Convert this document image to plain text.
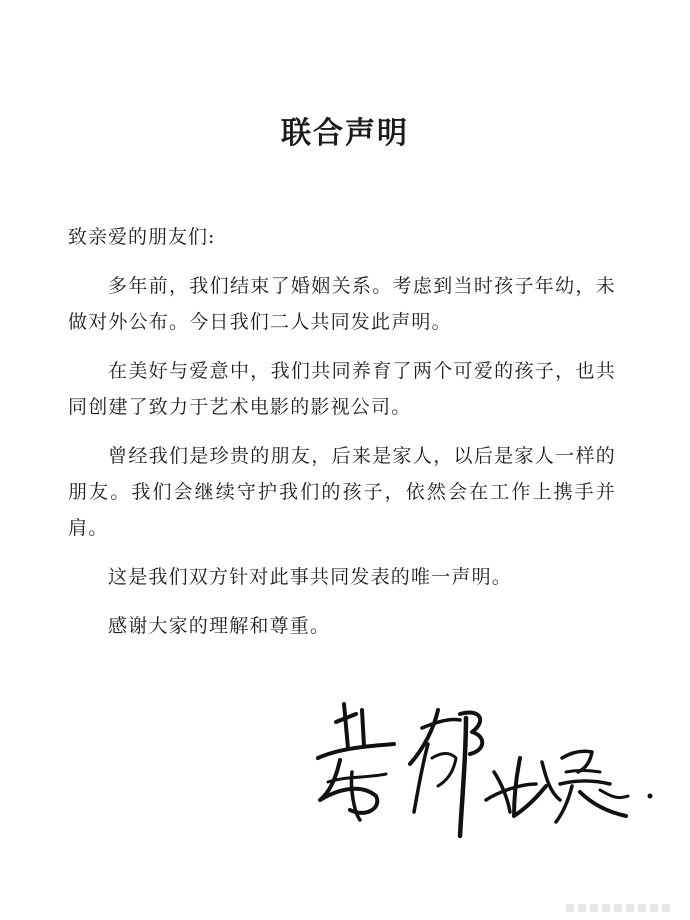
联合声明
致亲爱的朋友们:

多年前，我们结束了婚姻关系。考虑到当时孩子年幼，未做对外公布。今日我们二人共同发此声明。

在美好与爱意中，我们共同养育了两个可爱的孩子，也共同创建了致力于艺术电影的影视公司。

曾经我们是珍贵的朋友，后来是家人，以后是家人一样的朋友。我们会继续守护我们的孩子，依然会在工作上携手并肩。

这是我们双方针对此事共同发表的唯一声明。

感谢大家的理解和尊重。
